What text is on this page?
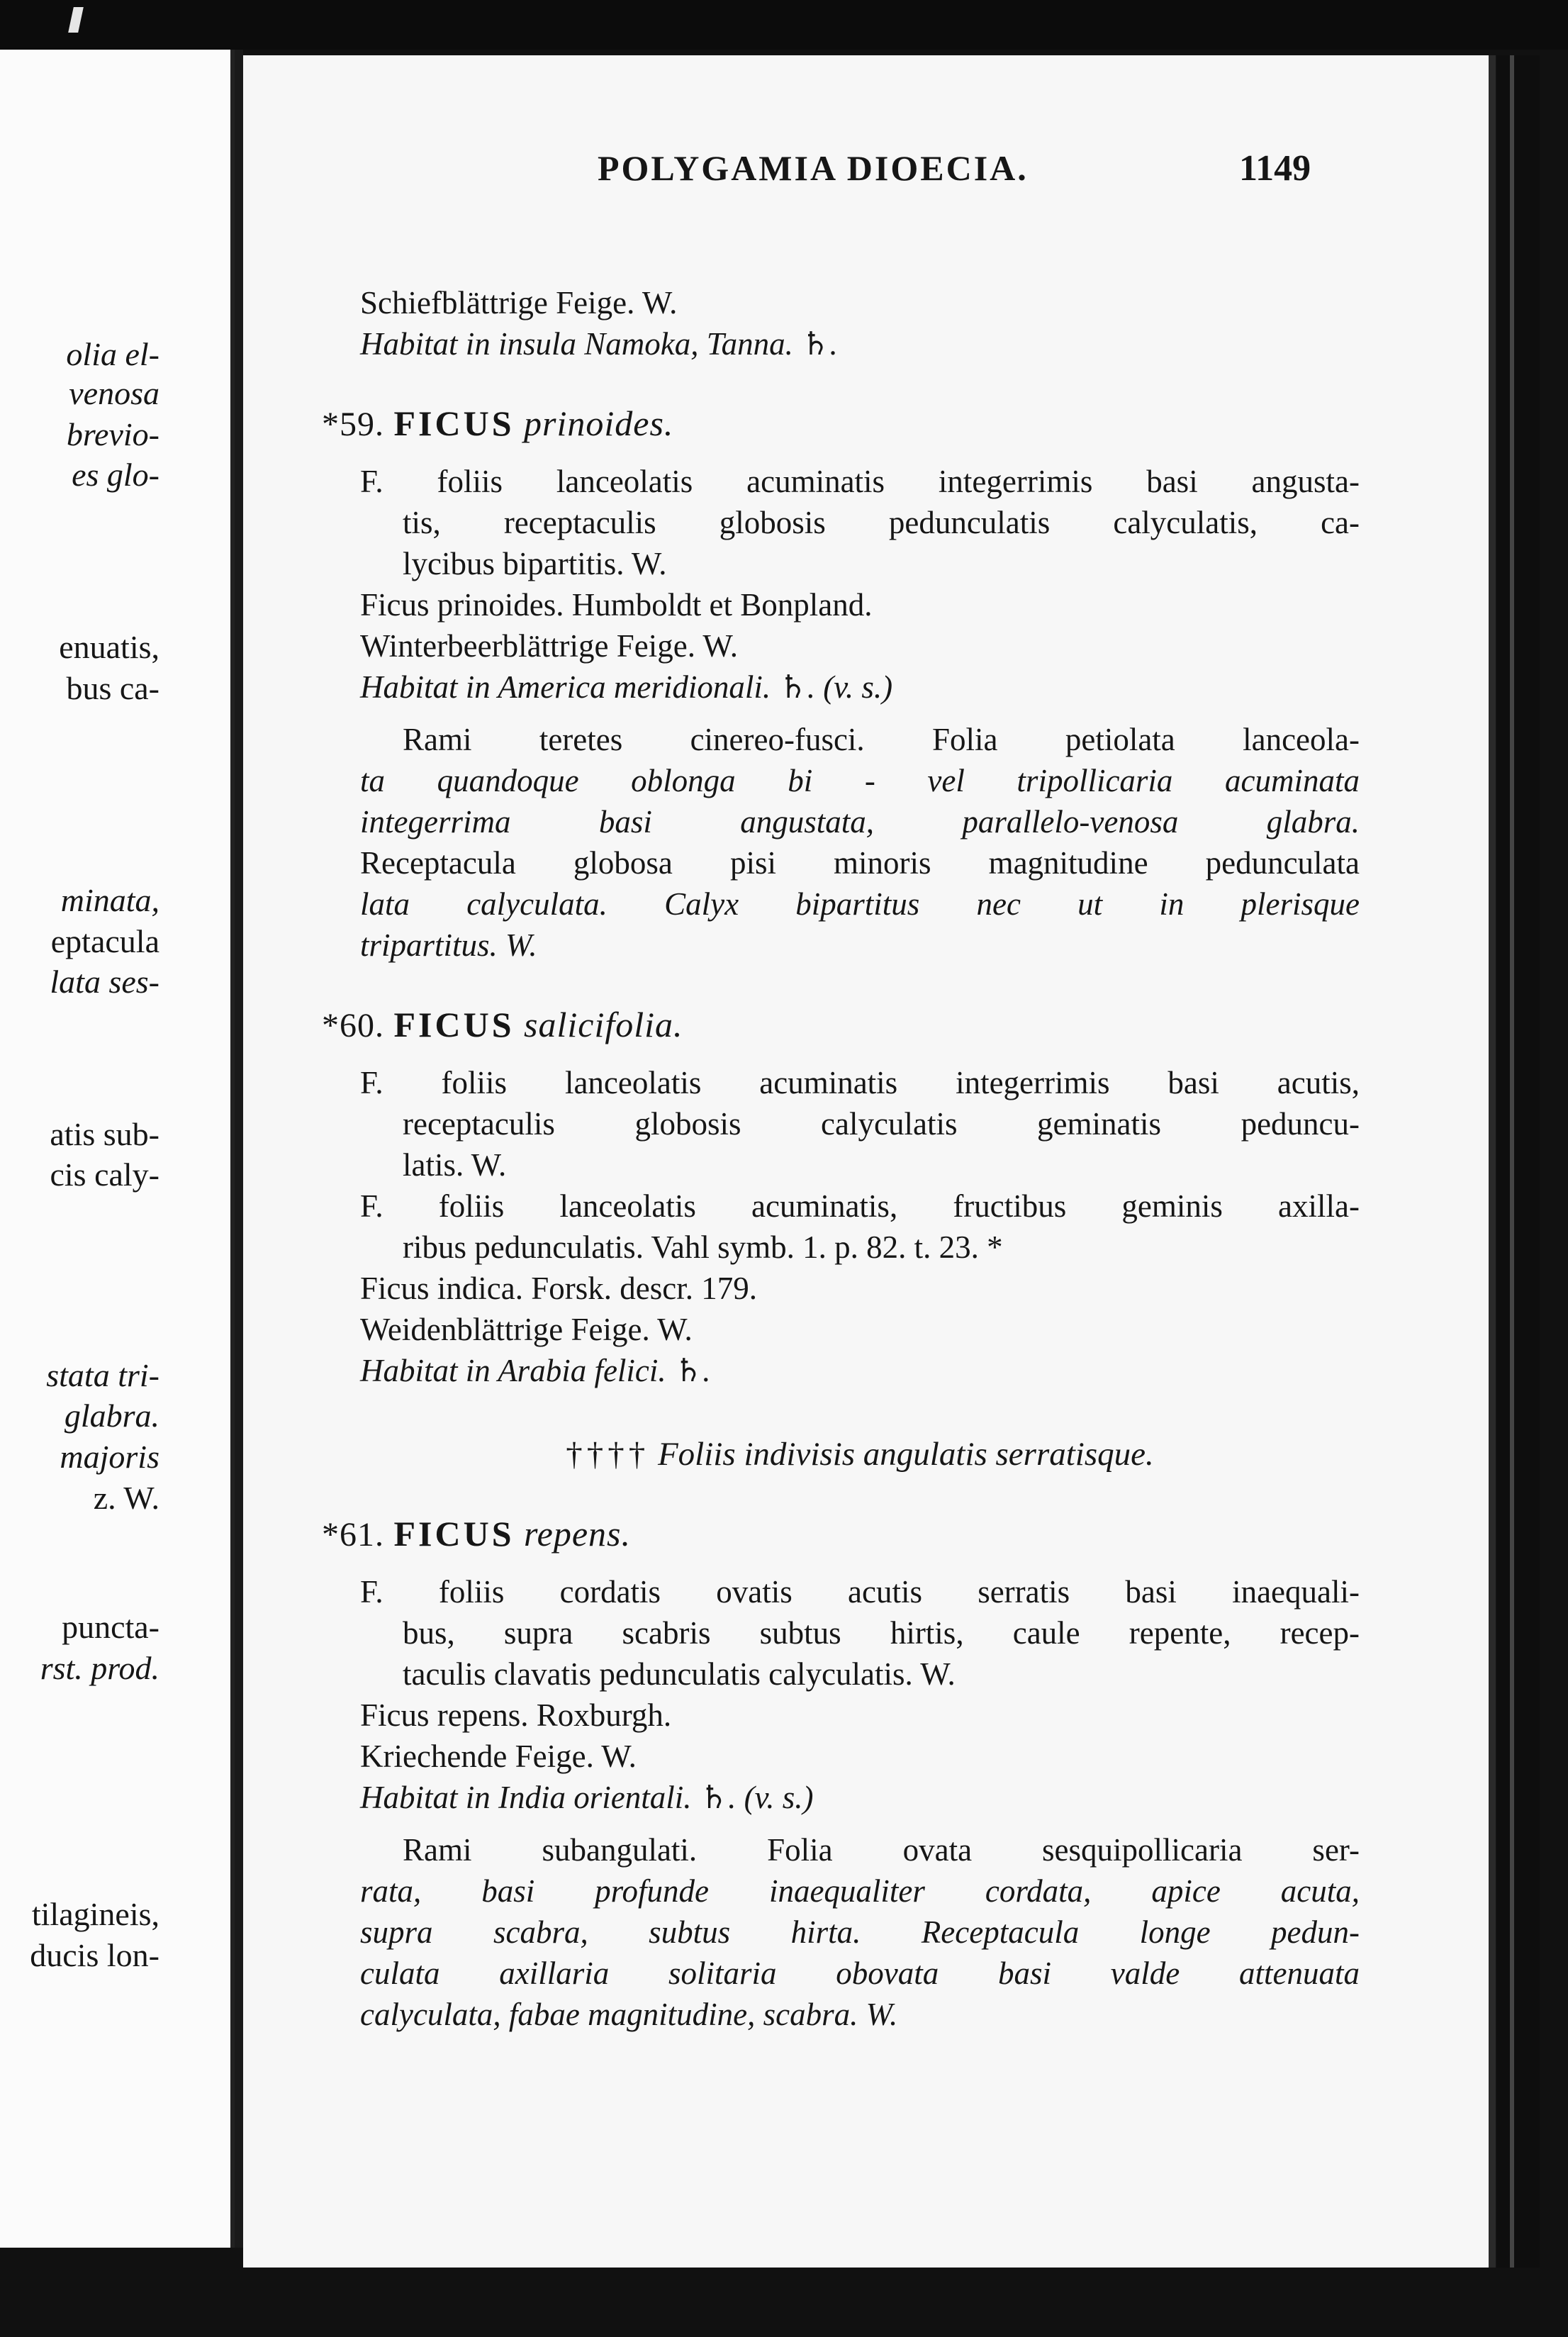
olia el-
venosa
brevio-
es glo-
enuatis,
bus ca-
minata,
eptacula
lata ses-
atis sub-
cis caly-
stata tri-
glabra.
majoris
z. W.
puncta-
rst. prod.
tilagineis,
ducis lon-
POLYGAMIA DIOECIA.	1149
Schiefblättrige Feige. W.
Habitat in insula Namoka, Tanna. ♄.
*59. FICUS prinoides.
F. foliis lanceolatis acuminatis integerrimis basi angusta-
tis, receptaculis globosis pedunculatis calyculatis, ca-
lycibus bipartitis. W.
Ficus prinoides. Humboldt et Bonpland.
Winterbeerblättrige Feige. W.
Habitat in America meridionali. ♄. (v. s.)
Rami teretes cinereo-fusci. Folia petiolata lanceola-
ta quandoque oblonga bi - vel tripollicaria acuminata
integerrima basi angustata, parallelo-venosa glabra.
Receptacula globosa pisi minoris magnitudine pedunculata
lata calyculata. Calyx bipartitus nec ut in plerisque
tripartitus. W.
*60. FICUS salicifolia.
F. foliis lanceolatis acuminatis integerrimis basi acutis,
receptaculis globosis calyculatis geminatis peduncu-
latis. W.
F. foliis lanceolatis acuminatis, fructibus geminis axilla-
ribus pedunculatis. Vahl symb. 1. p. 82. t. 23. *
Ficus indica. Forsk. descr. 179.
Weidenblättrige Feige. W.
Habitat in Arabia felici. ♄.
†††† Foliis indivisis angulatis serratisque.
*61. FICUS repens.
F. foliis cordatis ovatis acutis serratis basi inaequali-
bus, supra scabris subtus hirtis, caule repente, recep-
taculis clavatis pedunculatis calyculatis. W.
Ficus repens. Roxburgh.
Kriechende Feige. W.
Habitat in India orientali. ♄. (v. s.)
Rami subangulati. Folia ovata sesquipollicaria ser-
rata, basi profunde inaequaliter cordata, apice acuta,
supra scabra, subtus hirta. Receptacula longe pedun-
culata axillaria solitaria obovata basi valde attenuata
calyculata, fabae magnitudine, scabra. W.
